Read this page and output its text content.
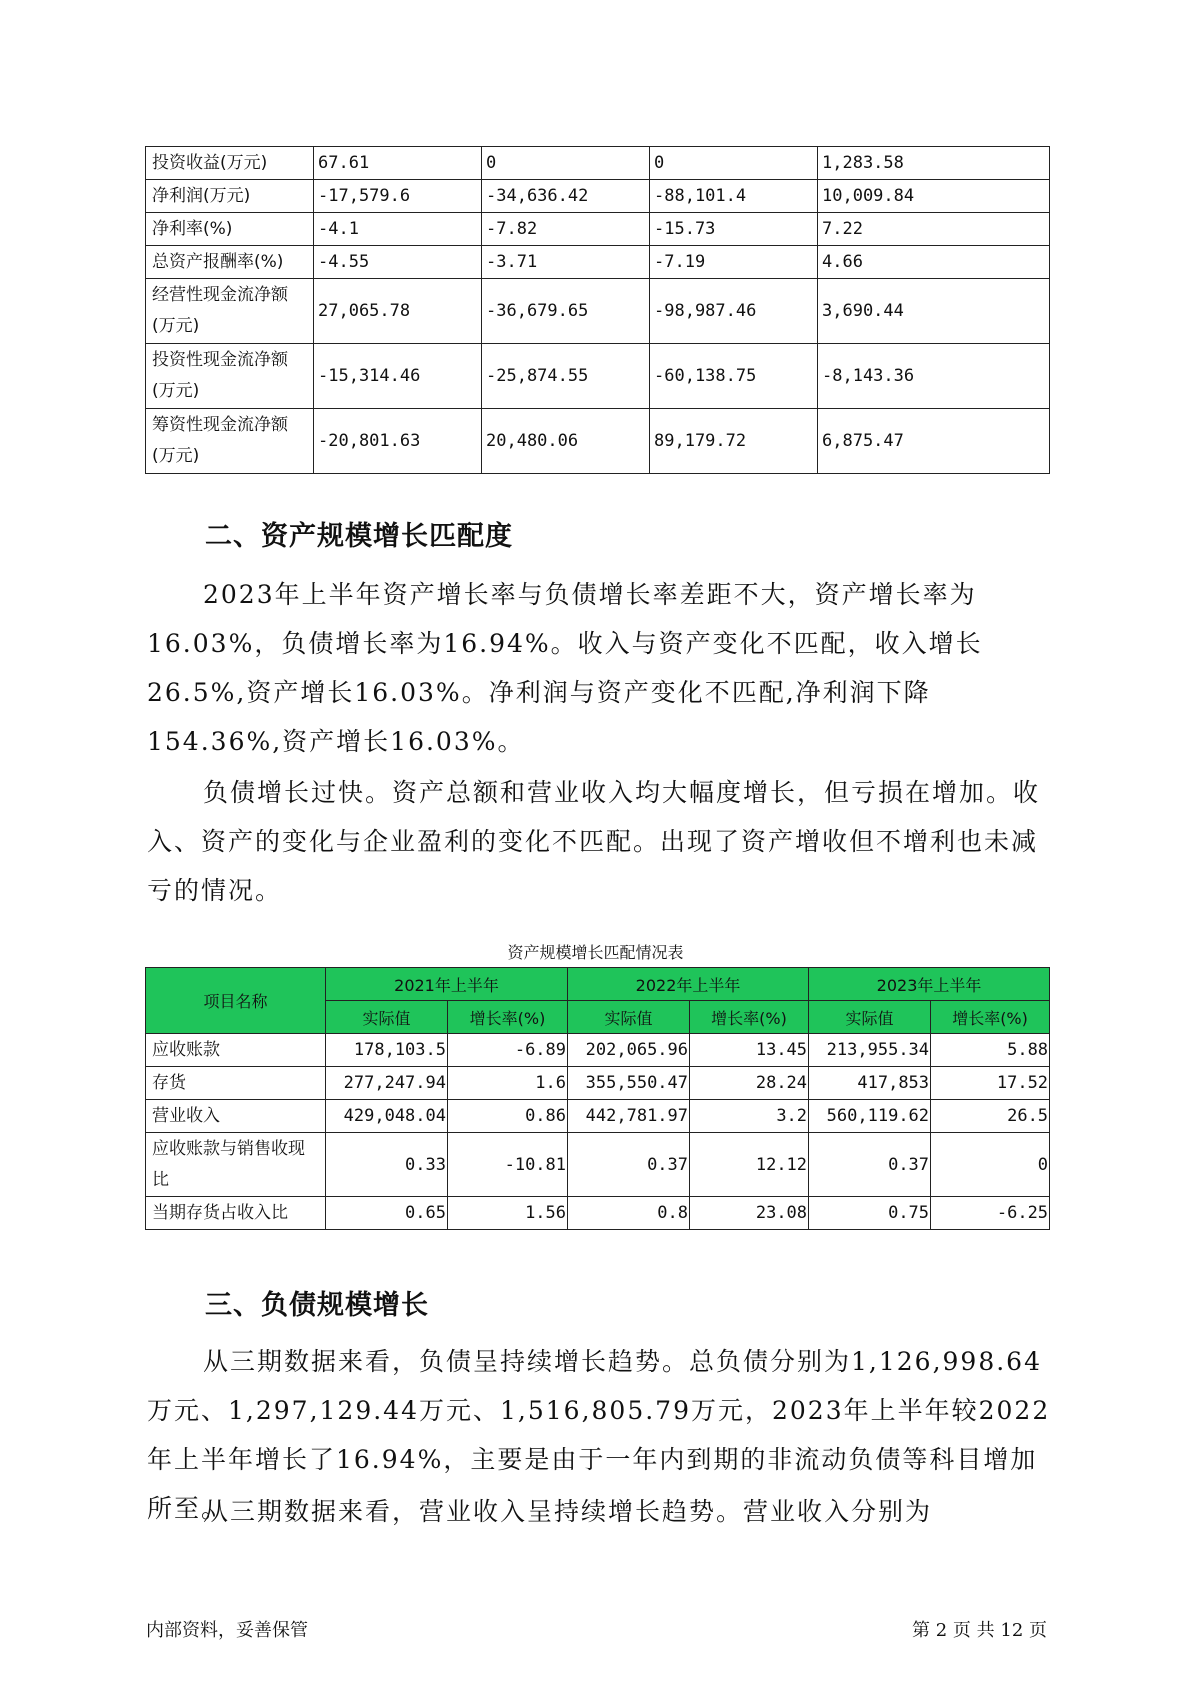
投资收益(万元)	67.61	0	0	1,283.58
净利润(万元)	-17,579.6	-34,636.42	-88,101.4	10,009.84
净利率(%)	-4.1	-7.82	-15.73	7.22
总资产报酬率(%)	-4.55	-3.71	-7.19	4.66
经营性现金流净额(万元)	27,065.78	-36,679.65	-98,987.46	3,690.44
投资性现金流净额(万元)	-15,314.46	-25,874.55	-60,138.75	-8,143.36
筹资性现金流净额(万元)	-20,801.63	20,480.06	89,179.72	6,875.47
二、资产规模增长匹配度

2023年上半年资产增长率与负债增长率差距不大，资产增长率为16.03%，负债增长率为16.94%。收入与资产变化不匹配，收入增长26.5%,资产增长16.03%。净利润与资产变化不匹配,净利润下降154.36%,资产增长16.03%。

负债增长过快。资产总额和营业收入均大幅度增长，但亏损在增加。收入、资产的变化与企业盈利的变化不匹配。出现了资产增收但不增利也未减亏的情况。

资产规模增长匹配情况表
项目名称	2021年上半年		2022年上半年		2023年上半年	
	实际值	增长率(%)	实际值	增长率(%)	实际值	增长率(%)
应收账款	178,103.5	-6.89	202,065.96	13.45	213,955.34	5.88
存货	277,247.94	1.6	355,550.47	28.24	417,853	17.52
营业收入	429,048.04	0.86	442,781.97	3.2	560,119.62	26.5
应收账款与销售收现比	0.33	-10.81	0.37	12.12	0.37	0
当期存货占收入比	0.65	1.56	0.8	23.08	0.75	-6.25
三、负债规模增长

从三期数据来看，负债呈持续增长趋势。总负债分别为1,126,998.64万元、1,297,129.44万元、1,516,805.79万元，2023年上半年较2022年上半年增长了16.94%，主要是由于一年内到期的非流动负债等科目增加所至。

从三期数据来看，营业收入呈持续增长趋势。营业收入分别为

内部资料，妥善保管	第 2 页 共 12 页
